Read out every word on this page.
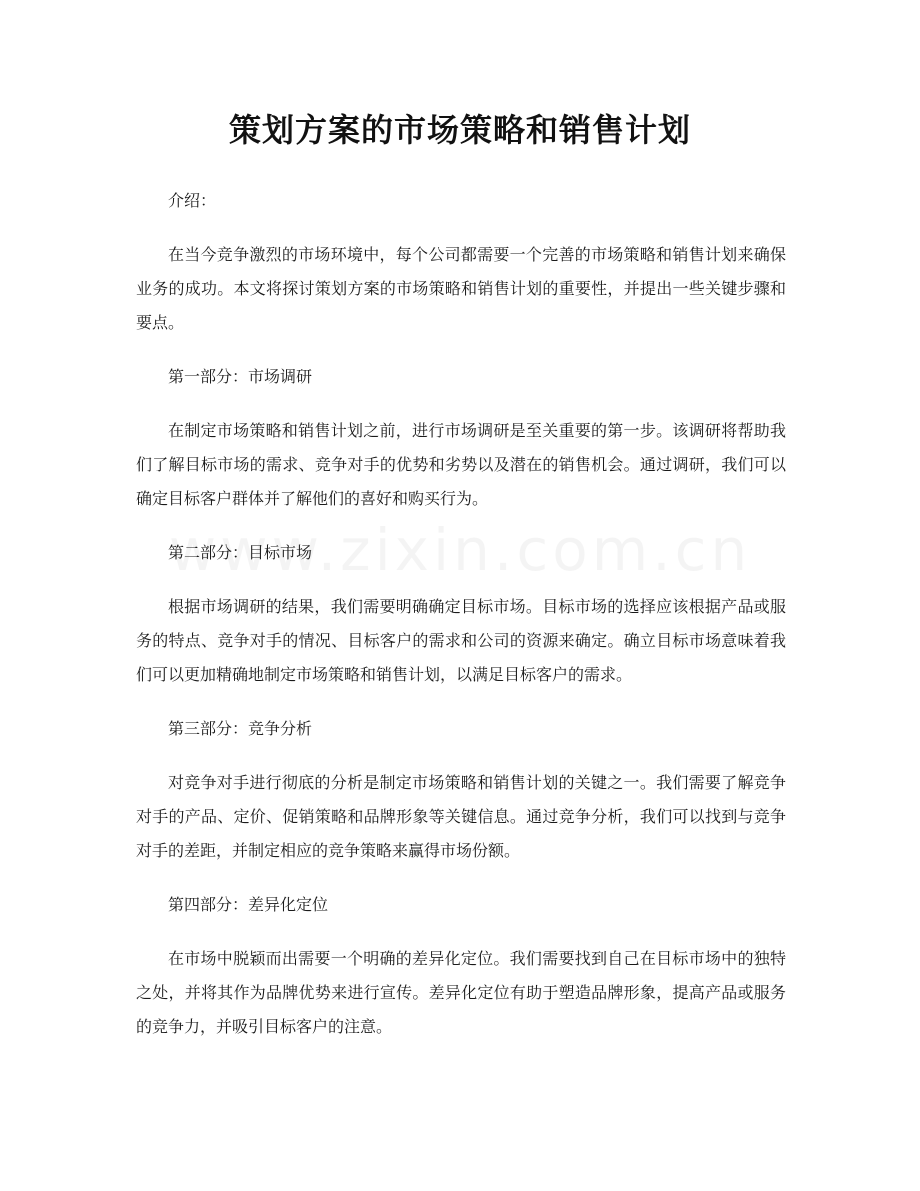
策划方案的市场策略和销售计划

介绍：

在当今竞争激烈的市场环境中，每个公司都需要一个完善的市场策略和销售计划来确保业务的成功。本文将探讨策划方案的市场策略和销售计划的重要性，并提出一些关键步骤和要点。

第一部分：市场调研

在制定市场策略和销售计划之前，进行市场调研是至关重要的第一步。该调研将帮助我们了解目标市场的需求、竞争对手的优势和劣势以及潜在的销售机会。通过调研，我们可以确定目标客户群体并了解他们的喜好和购买行为。

第二部分：目标市场

根据市场调研的结果，我们需要明确确定目标市场。目标市场的选择应该根据产品或服务的特点、竞争对手的情况、目标客户的需求和公司的资源来确定。确立目标市场意味着我们可以更加精确地制定市场策略和销售计划，以满足目标客户的需求。

第三部分：竞争分析

对竞争对手进行彻底的分析是制定市场策略和销售计划的关键之一。我们需要了解竞争对手的产品、定价、促销策略和品牌形象等关键信息。通过竞争分析，我们可以找到与竞争对手的差距，并制定相应的竞争策略来赢得市场份额。

第四部分：差异化定位

在市场中脱颖而出需要一个明确的差异化定位。我们需要找到自己在目标市场中的独特之处，并将其作为品牌优势来进行宣传。差异化定位有助于塑造品牌形象，提高产品或服务的竞争力，并吸引目标客户的注意。
